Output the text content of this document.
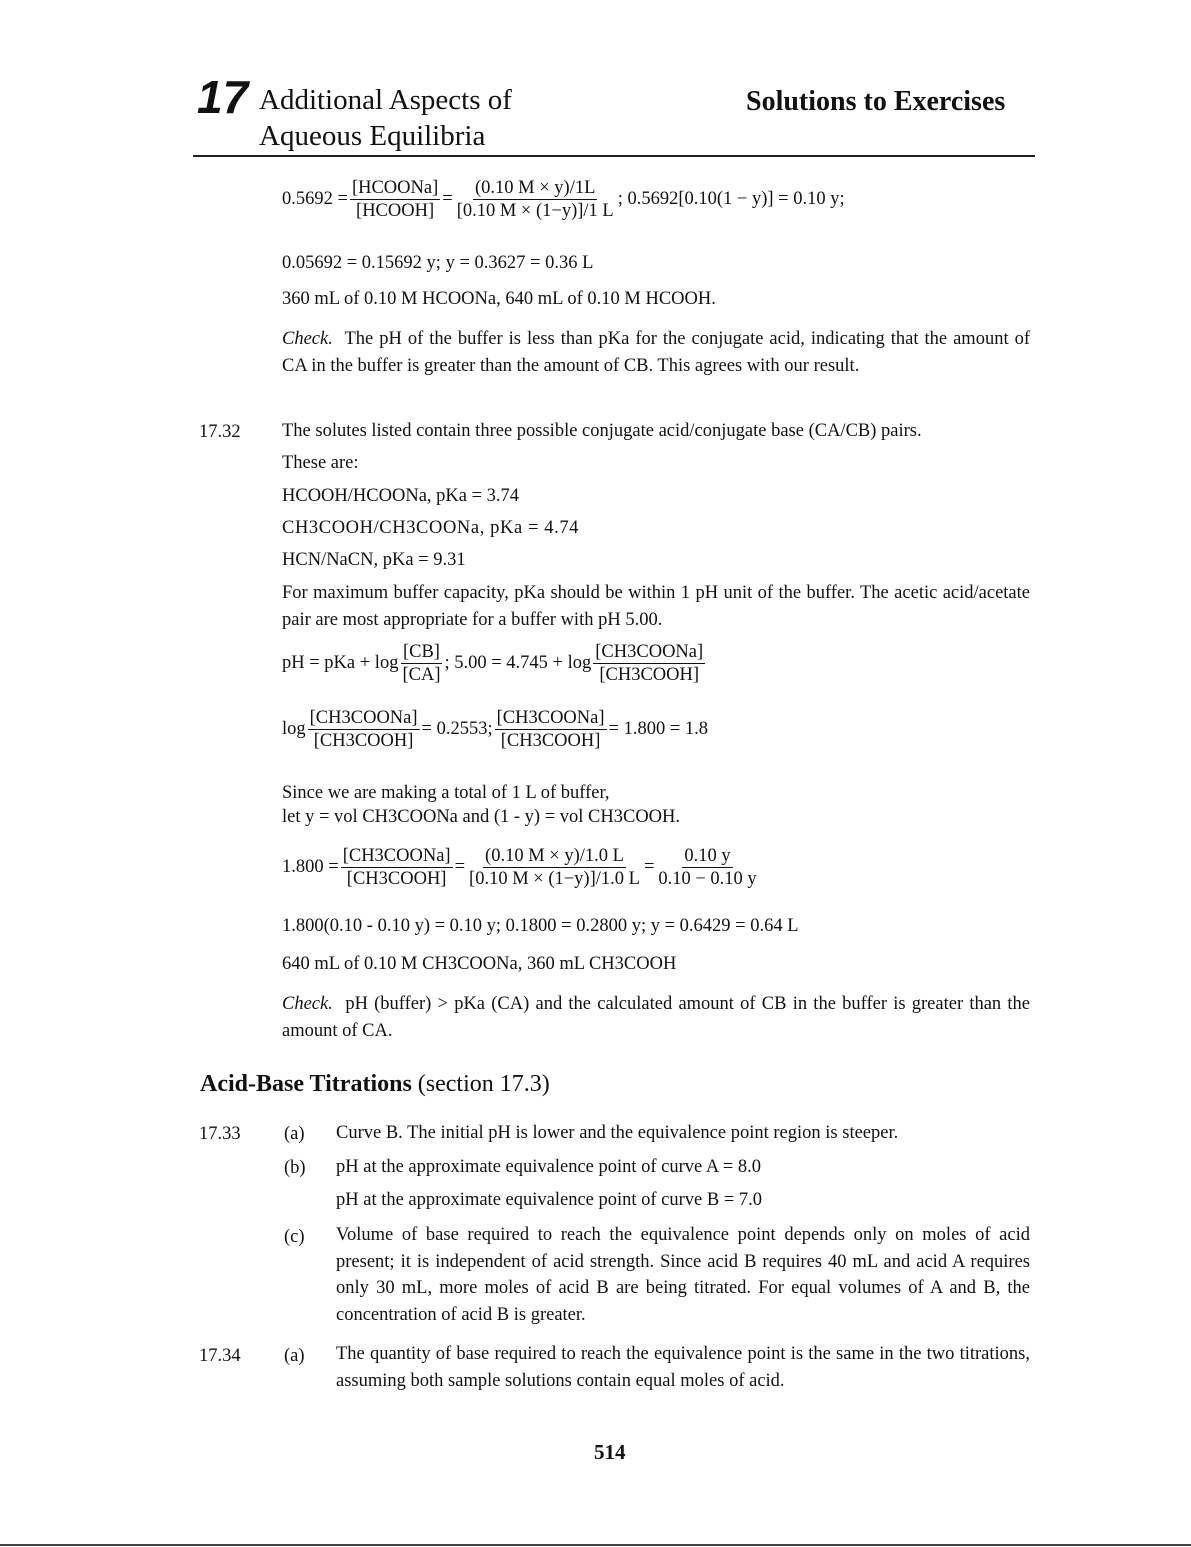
17 Additional Aspects of
Aqueous Equilibria
Solutions to Exercises
$0.5692 = \frac{\text{[HCOONa]}}{\text{[HCOOH]}} = \frac{(0.10 M \times y)/1L}{[0.10 M \times (1-y)]/1 L}$ ; 0.5692[0.10(1 − y)] = 0.10 y;
0.05692 = 0.15692 y; y = 0.3627 = 0.36 L
360 mL of 0.10 M HCOONa, 640 mL of 0.10 M HCOOH.
Check. The pH of the buffer is less than pKa for the conjugate acid, indicating that the amount of CA in the buffer is greater than the amount of CB. This agrees with our result.
17.32 The solutes listed contain three possible conjugate acid/conjugate base (CA/CB) pairs.
These are:
HCOOH/HCOONa, pKa = 3.74
CH3COOH/CH3COONa, pKa = 4.74
HCN/NaCN, pKa = 9.31
For maximum buffer capacity, pKa should be within 1 pH unit of the buffer. The acetic acid/acetate pair are most appropriate for a buffer with pH 5.00.
pH = pKa + $\log \frac{[CB]}{[CA]}$ ; $5.00 = 4.745 + \log \frac{\text{[CH3COONa]}}{\text{[CH3COOH]}}$
$\log \frac{\text{[CH3COONa]}}{\text{[CH3COOH]}} = 0.2553$; $\frac{\text{[CH3COONa]}}{\text{[CH3COOH]}} = 1.800 = 1.8$
Since we are making a total of 1 L of buffer,
let y = vol CH3COONa and (1 - y) = vol CH3COOH.
$1.800 = \frac{\text{[CH3COONa]}}{\text{[CH3COOH]}} = \frac{(0.10 M \times y)/1.0 L}{[0.10 M \times (1-y)]/1.0 L} = \frac{0.10 y}{0.10 - 0.10 y}$
1.800(0.10 - 0.10 y) = 0.10 y; 0.1800 = 0.2800 y; y = 0.6429 = 0.64 L
640 mL of 0.10 M CH3COONa, 360 mL CH3COOH
Check. pH (buffer) > pKa (CA) and the calculated amount of CB in the buffer is greater than the amount of CA.
Acid-Base Titrations (section 17.3)
17.33 (a) Curve B. The initial pH is lower and the equivalence point region is steeper.
(b) pH at the approximate equivalence point of curve A = 8.0
pH at the approximate equivalence point of curve B = 7.0
(c) Volume of base required to reach the equivalence point depends only on moles of acid present; it is independent of acid strength. Since acid B requires 40 mL and acid A requires only 30 mL, more moles of acid B are being titrated. For equal volumes of A and B, the concentration of acid B is greater.
17.34 (a) The quantity of base required to reach the equivalence point is the same in the two titrations, assuming both sample solutions contain equal moles of acid.
514
